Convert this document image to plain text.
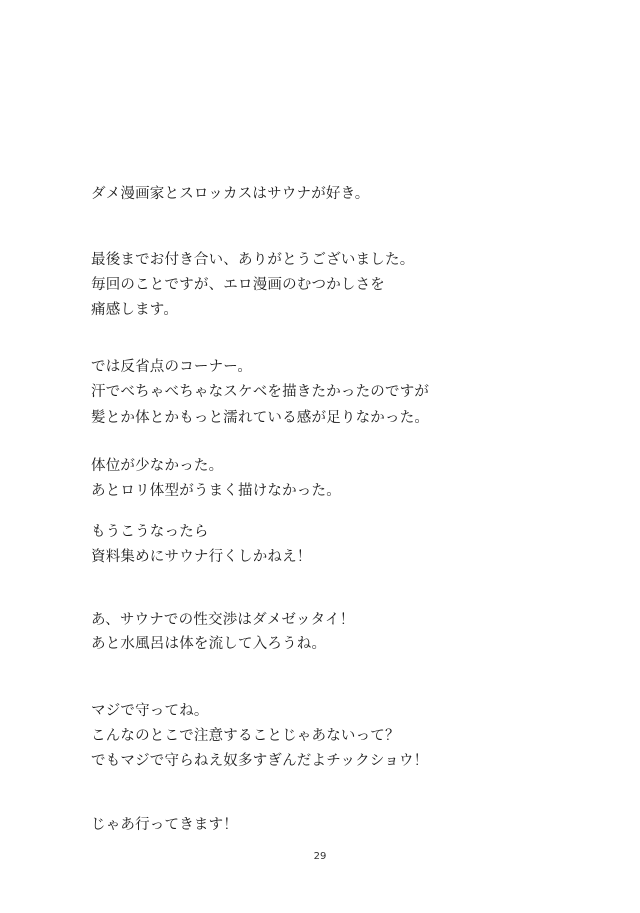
ダメ漫画家とスロッカスはサウナが好き。
最後までお付き合い、ありがとうございました。
毎回のことですが、エロ漫画のむつかしさを
痛感します。
では反省点のコーナー。
汗でべちゃべちゃなスケベを描きたかったのですが
髪とか体とかもっと濡れている感が足りなかった。
体位が少なかった。
あとロリ体型がうまく描けなかった。
もうこうなったら
資料集めにサウナ行くしかねえ！
あ、サウナでの性交渉はダメゼッタイ！
あと水風呂は体を流して入ろうね。
マジで守ってね。
こんなのとこで注意することじゃあないって？
でもマジで守らねえ奴多すぎんだよチックショウ！
じゃあ行ってきます！
29
